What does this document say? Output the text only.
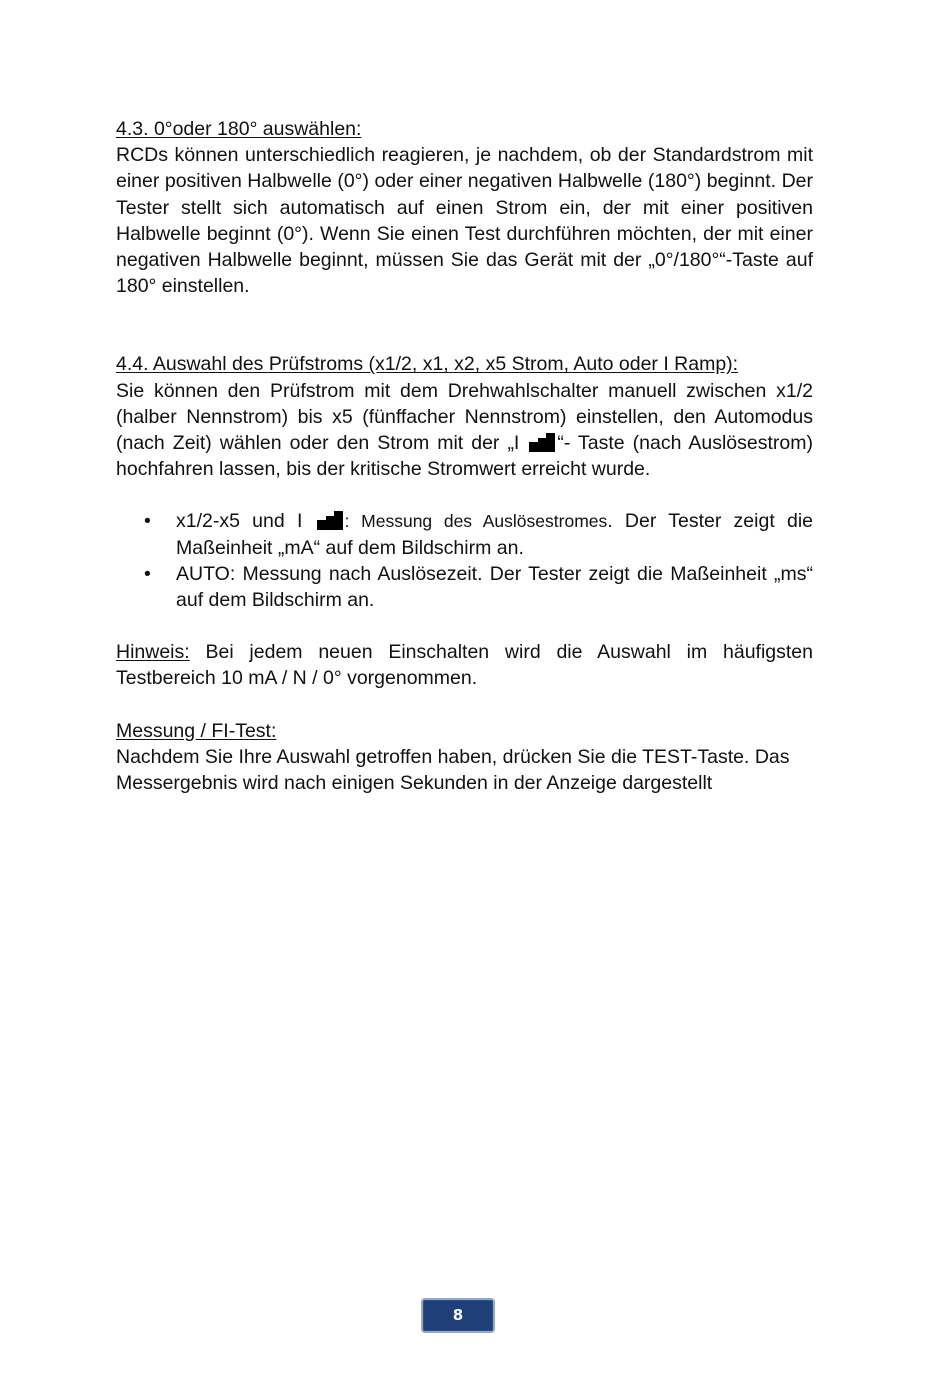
4.3. 0°oder 180° auswählen:

RCDs können unterschiedlich reagieren, je nachdem, ob der Standardstrom mit einer positiven Halbwelle (0°) oder einer negativen Halbwelle (180°) beginnt. Der Tester stellt sich automatisch auf einen Strom ein, der mit einer positiven Halbwelle beginnt (0°). Wenn Sie einen Test durchführen möchten, der mit einer negativen Halbwelle beginnt, müssen Sie das Gerät mit der „0°/180°“-Taste auf 180° einstellen.

4.4. Auswahl des Prüfstroms (x1/2, x1, x2, x5 Strom, Auto oder I Ramp):

Sie können den Prüfstrom mit dem Drehwahlschalter manuell zwischen x1/2 (halber Nennstrom) bis x5 (fünffacher Nennstrom) einstellen, den Automodus (nach Zeit) wählen oder den Strom mit der „I “- Taste (nach Auslösestrom) hochfahren lassen, bis der kritische Stromwert erreicht wurde.

• x1/2-x5 und I : Messung des Auslösestromes. Der Tester zeigt die Maßeinheit „mA“ auf dem Bildschirm an.
• AUTO: Messung nach Auslösezeit. Der Tester zeigt die Maßeinheit „ms“ auf dem Bildschirm an.

Hinweis: Bei jedem neuen Einschalten wird die Auswahl im häufigsten Testbereich 10 mA / N / 0° vorgenommen.

Messung / FI-Test:

Nachdem Sie Ihre Auswahl getroffen haben, drücken Sie die TEST-Taste. Das Messergebnis wird nach einigen Sekunden in der Anzeige dargestellt

8
